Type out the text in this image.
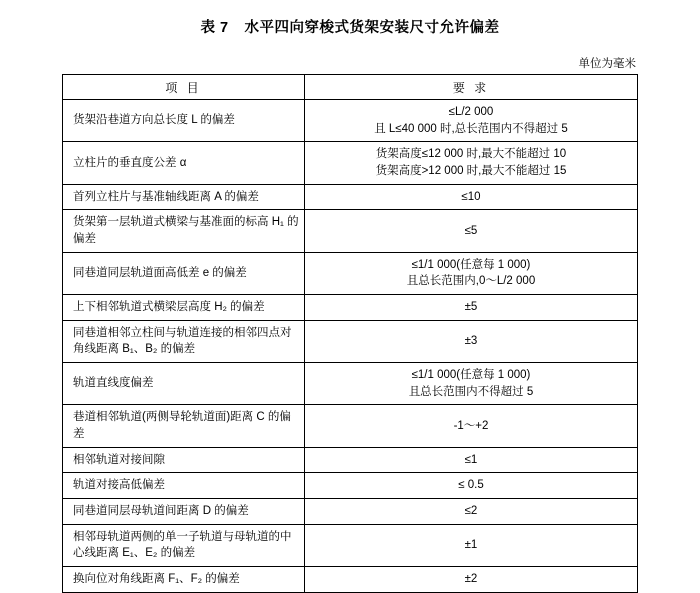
表 7 水平四向穿梭式货架安装尺寸允许偏差
单位为毫米
项 目	要 求
货架沿巷道方向总长度 L 的偏差	≤L/2 000
且 L≤40 000 时,总长范围内不得超过 5

立柱片的垂直度公差 α	货架高度≤12 000 时,最大不能超过 10
货架高度>12 000 时,最大不能超过 15

首列立柱片与基准轴线距离 A 的偏差	≤10

货架第一层轨道式横梁与基准面的标高 H₁ 的偏差	≤5

同巷道同层轨道面高低差 e 的偏差	≤1/1 000(任意每 1 000)
且总长范围内,0～L/2 000

上下相邻轨道式横梁层高度 H₂ 的偏差	±5

同巷道相邻立柱间与轨道连接的相邻四点对角线距离 B₁、B₂ 的偏差	±3

轨道直线度偏差	≤1/1 000(任意每 1 000)
且总长范围内不得超过 5

巷道相邻轨道(两侧导轮轨道面)距离 C 的偏差	-1～+2

相邻轨道对接间隙	≤1

轨道对接高低偏差	≤ 0.5

同巷道同层母轨道间距离 D 的偏差	≤2

相邻母轨道两侧的单一子轨道与母轨道的中心线距离 E₁、E₂ 的偏差	±1

换向位对角线距离 F₁、F₂ 的偏差	±2
